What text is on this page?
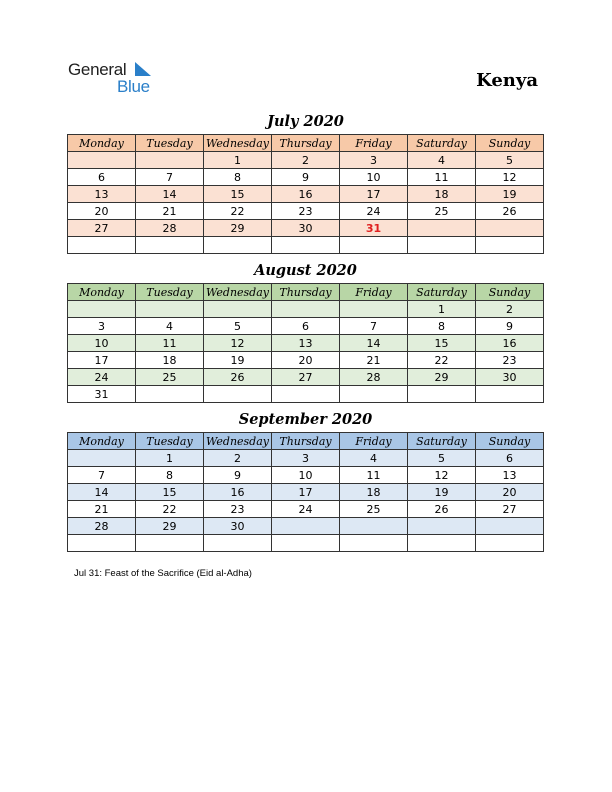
General
Blue	Kenya
July 2020
Monday	Tuesday	Wednesday	Thursday	Friday	Saturday	Sunday
		1	2	3	4	5
6	7	8	9	10	11	12
13	14	15	16	17	18	19
20	21	22	23	24	25	26
27	28	29	30	31		

August 2020
Monday	Tuesday	Wednesday	Thursday	Friday	Saturday	Sunday
					1	2
3	4	5	6	7	8	9
10	11	12	13	14	15	16
17	18	19	20	21	22	23
24	25	26	27	28	29	30
31						
September 2020
Monday	Tuesday	Wednesday	Thursday	Friday	Saturday	Sunday
	1	2	3	4	5	6
7	8	9	10	11	12	13
14	15	16	17	18	19	20
21	22	23	24	25	26	27
28	29	30				

Jul 31: Feast of the Sacrifice (Eid al-Adha)
